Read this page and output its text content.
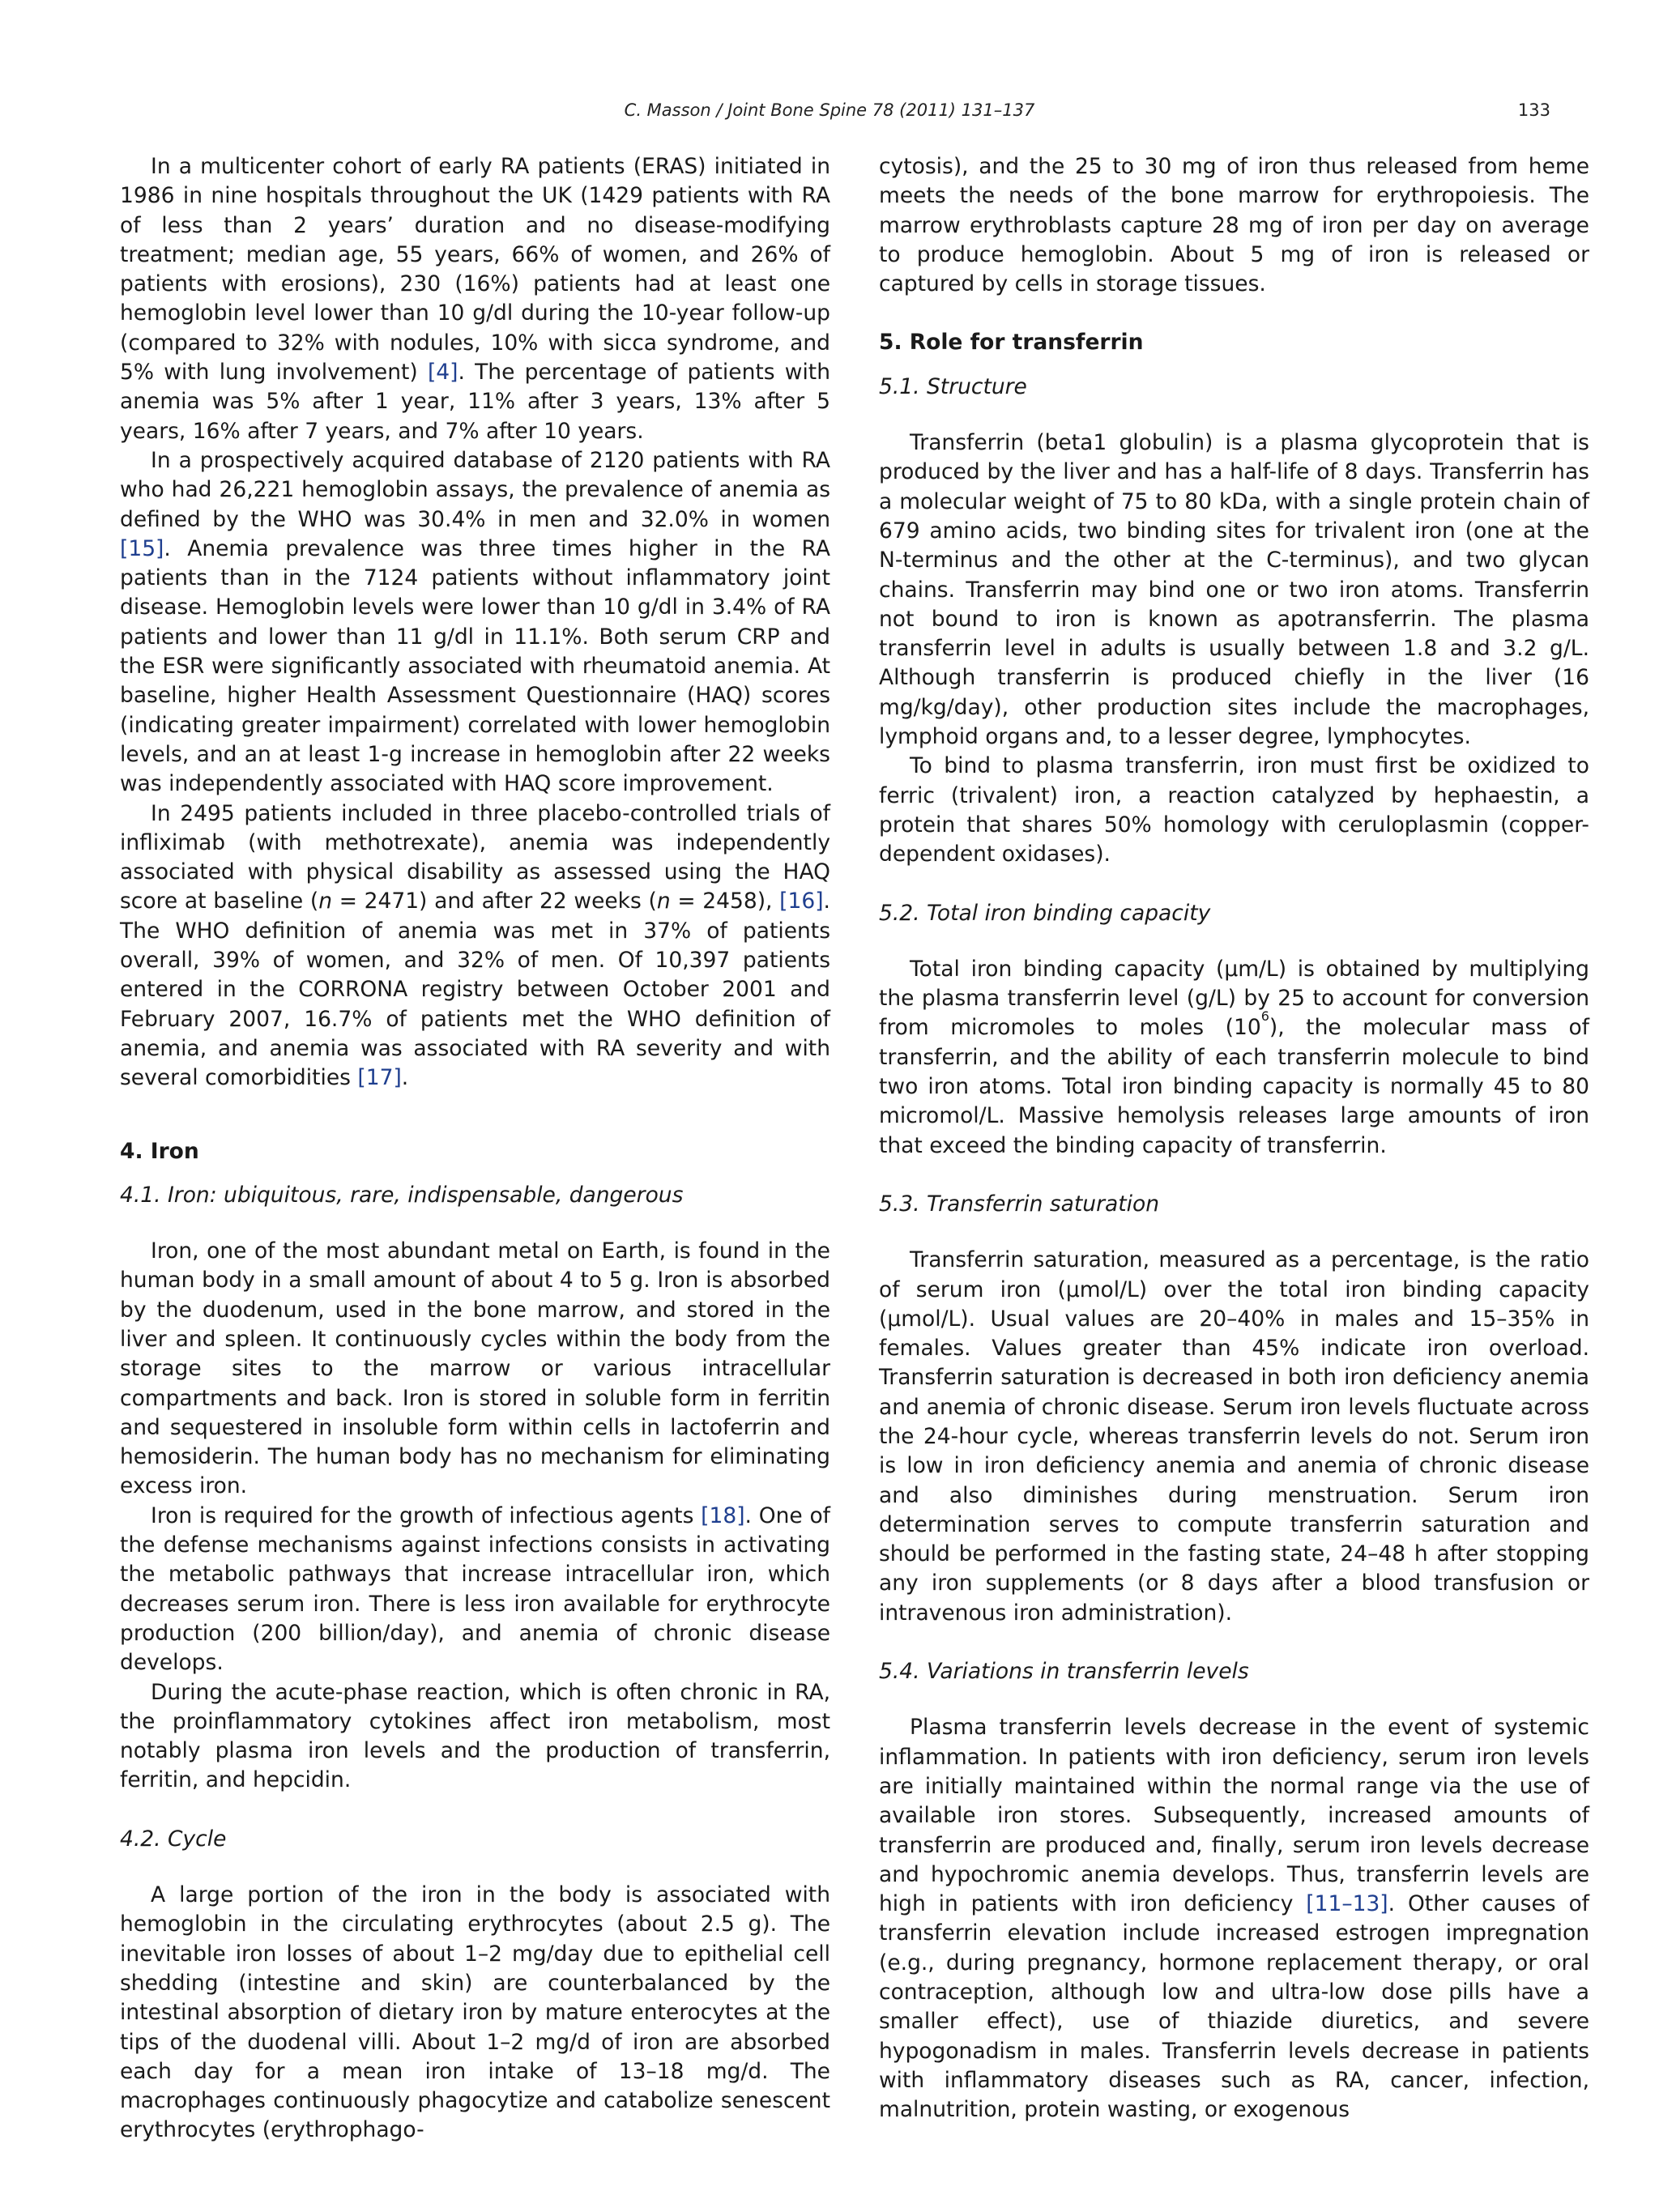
C. Masson / Joint Bone Spine 78 (2011) 131–137	133

In a multicenter cohort of early RA patients (ERAS) initiated in 1986 in nine hospitals throughout the UK (1429 patients with RA of less than 2 years’ duration and no disease-modifying treatment; median age, 55 years, 66% of women, and 26% of patients with erosions), 230 (16%) patients had at least one hemoglobin level lower than 10 g/dl during the 10-year follow-up (compared to 32% with nodules, 10% with sicca syndrome, and 5% with lung involvement) [4]. The percentage of patients with anemia was 5% after 1 year, 11% after 3 years, 13% after 5 years, 16% after 7 years, and 7% after 10 years.

In a prospectively acquired database of 2120 patients with RA who had 26,221 hemoglobin assays, the prevalence of anemia as defined by the WHO was 30.4% in men and 32.0% in women [15]. Anemia prevalence was three times higher in the RA patients than in the 7124 patients without inflammatory joint disease. Hemoglobin levels were lower than 10 g/dl in 3.4% of RA patients and lower than 11 g/dl in 11.1%. Both serum CRP and the ESR were significantly associated with rheumatoid anemia. At baseline, higher Health Assessment Questionnaire (HAQ) scores (indicating greater impairment) correlated with lower hemoglobin levels, and an at least 1-g increase in hemoglobin after 22 weeks was independently associated with HAQ score improvement.

In 2495 patients included in three placebo-controlled trials of infliximab (with methotrexate), anemia was independently associated with physical disability as assessed using the HAQ score at baseline (n = 2471) and after 22 weeks (n = 2458), [16]. The WHO definition of anemia was met in 37% of patients overall, 39% of women, and 32% of men. Of 10,397 patients entered in the CORRONA registry between October 2001 and February 2007, 16.7% of patients met the WHO definition of anemia, and anemia was associated with RA severity and with several comorbidities [17].

4. Iron
4.1. Iron: ubiquitous, rare, indispensable, dangerous

Iron, one of the most abundant metal on Earth, is found in the human body in a small amount of about 4 to 5 g. Iron is absorbed by the duodenum, used in the bone marrow, and stored in the liver and spleen. It continuously cycles within the body from the storage sites to the marrow or various intracellular compartments and back. Iron is stored in soluble form in ferritin and sequestered in insoluble form within cells in lactoferrin and hemosiderin. The human body has no mechanism for eliminating excess iron.

Iron is required for the growth of infectious agents [18]. One of the defense mechanisms against infections consists in activating the metabolic pathways that increase intracellular iron, which decreases serum iron. There is less iron available for erythrocyte production (200 billion/day), and anemia of chronic disease develops.

During the acute-phase reaction, which is often chronic in RA, the proinflammatory cytokines affect iron metabolism, most notably plasma iron levels and the production of transferrin, ferritin, and hepcidin.

4.2. Cycle

A large portion of the iron in the body is associated with hemoglobin in the circulating erythrocytes (about 2.5 g). The inevitable iron losses of about 1–2 mg/day due to epithelial cell shedding (intestine and skin) are counterbalanced by the intestinal absorption of dietary iron by mature enterocytes at the tips of the duodenal villi. About 1–2 mg/d of iron are absorbed each day for a mean iron intake of 13–18 mg/d. The macrophages continuously phagocytize and catabolize senescent erythrocytes (erythrophago-

cytosis), and the 25 to 30 mg of iron thus released from heme meets the needs of the bone marrow for erythropoiesis. The marrow erythroblasts capture 28 mg of iron per day on average to produce hemoglobin. About 5 mg of iron is released or captured by cells in storage tissues.

5. Role for transferrin
5.1. Structure

Transferrin (beta1 globulin) is a plasma glycoprotein that is produced by the liver and has a half-life of 8 days. Transferrin has a molecular weight of 75 to 80 kDa, with a single protein chain of 679 amino acids, two binding sites for trivalent iron (one at the N-terminus and the other at the C-terminus), and two glycan chains. Transferrin may bind one or two iron atoms. Transferrin not bound to iron is known as apotransferrin. The plasma transferrin level in adults is usually between 1.8 and 3.2 g/L. Although transferrin is produced chiefly in the liver (16 mg/kg/day), other production sites include the macrophages, lymphoid organs and, to a lesser degree, lymphocytes.

To bind to plasma transferrin, iron must first be oxidized to ferric (trivalent) iron, a reaction catalyzed by hephaestin, a protein that shares 50% homology with ceruloplasmin (copper-dependent oxidases).

5.2. Total iron binding capacity

Total iron binding capacity (μm/L) is obtained by multiplying the plasma transferrin level (g/L) by 25 to account for conversion from micromoles to moles $(10^6)$, the molecular mass of transferrin, and the ability of each transferrin molecule to bind two iron atoms. Total iron binding capacity is normally 45 to 80 micromol/L. Massive hemolysis releases large amounts of iron that exceed the binding capacity of transferrin.

5.3. Transferrin saturation

Transferrin saturation, measured as a percentage, is the ratio of serum iron (μmol/L) over the total iron binding capacity (μmol/L). Usual values are 20–40% in males and 15–35% in females. Values greater than 45% indicate iron overload. Transferrin saturation is decreased in both iron deficiency anemia and anemia of chronic disease. Serum iron levels fluctuate across the 24-hour cycle, whereas transferrin levels do not. Serum iron is low in iron deficiency anemia and anemia of chronic disease and also diminishes during menstruation. Serum iron determination serves to compute transferrin saturation and should be performed in the fasting state, 24–48 h after stopping any iron supplements (or 8 days after a blood transfusion or intravenous iron administration).

5.4. Variations in transferrin levels

Plasma transferrin levels decrease in the event of systemic inflammation. In patients with iron deficiency, serum iron levels are initially maintained within the normal range via the use of available iron stores. Subsequently, increased amounts of transferrin are produced and, finally, serum iron levels decrease and hypochromic anemia develops. Thus, transferrin levels are high in patients with iron deficiency [11–13]. Other causes of transferrin elevation include increased estrogen impregnation (e.g., during pregnancy, hormone replacement therapy, or oral contraception, although low and ultra-low dose pills have a smaller effect), use of thiazide diuretics, and severe hypogonadism in males. Transferrin levels decrease in patients with inflammatory diseases such as RA, cancer, infection, malnutrition, protein wasting, or exogenous
